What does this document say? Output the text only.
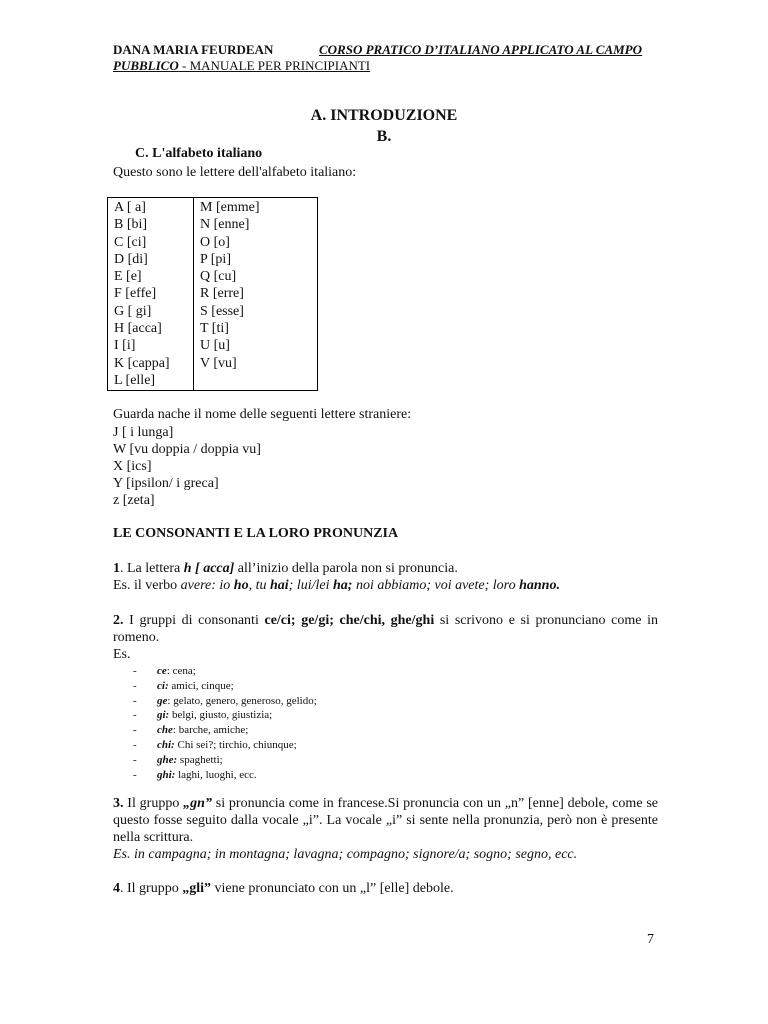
DANA MARIA FEURDEAN	CORSO PRATICO D’ITALIANO APPLICATO AL CAMPO
PUBBLICO - MANUALE PER PRINCIPIANTI
A. INTRODUZIONE
B.
C. L'alfabeto italiano
Questo sono le lettere dell'alfabeto italiano:
A [ a]
B [bi]
C [ci]
D [di]
E [e]
F [effe]
G [ gi]
H [acca]
I [i]
K [cappa]
L [elle]

M [emme]
N [enne]
O [o]
P [pi]
Q [cu]
R [erre]
S [esse]
T [ti]
U [u]
V [vu]
Guarda nache il nome delle seguenti lettere straniere:
J [ i lunga]
W [vu doppia / doppia vu]
X [ics]
Y [ipsilon/ i greca]
z [zeta]
LE CONSONANTI E LA LORO PRONUNZIA
1. La lettera h [ acca] all’inizio della parola non si pronuncia.
Es. il verbo avere: io ho, tu hai; lui/lei ha; noi abbiamo; voi avete; loro hanno.
2. I gruppi di consonanti ce/ci; ge/gi; che/chi, ghe/ghi si scrivono e si pronunciano come in romeno.
Es.
- ce: cena;
- ci: amici, cinque;
- ge: gelato, genero, generoso, gelido;
- gi: belgi, giusto, giustizia;
- che: barche, amiche;
- chi: Chi sei?; tirchio, chiunque;
- ghe: spaghetti;
- ghi: laghi, luoghi, ecc.
3. Il gruppo „gn” si pronuncia come in francese.Si pronuncia con un „n” [enne] debole, come se questo fosse seguito dalla vocale „i”. La vocale „i” si sente nella pronunzia, però non è presente nella scrittura.
Es. in campagna; in montagna; lavagna; compagno; signore/a; sogno; segno, ecc.
4. Il gruppo „gli” viene pronunciato con un „l” [elle] debole.
7
